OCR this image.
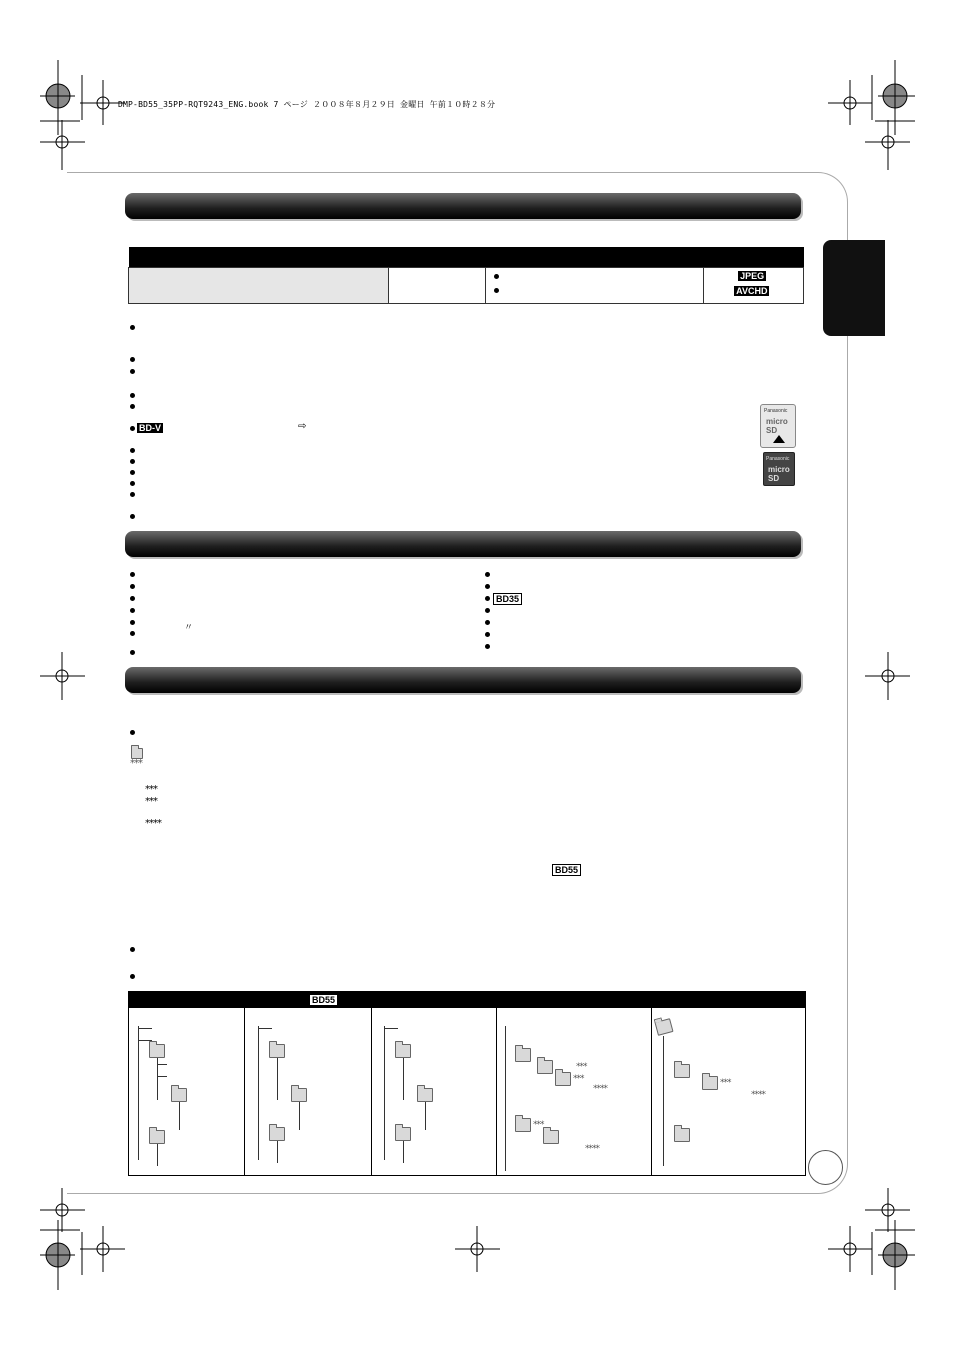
DMP-BD55_35PP-RQT9243_ENG.book 7 ページ ２００８年８月２９日 金曜日 午前１０時２８分

			JPEG
AVCHD
BD-V	⇨
Panasonic
micro SD
Panasonic
micro SD
〃
BD35
***
***
***
****
BD55
BD55
***
***
****
***
****
***
****
